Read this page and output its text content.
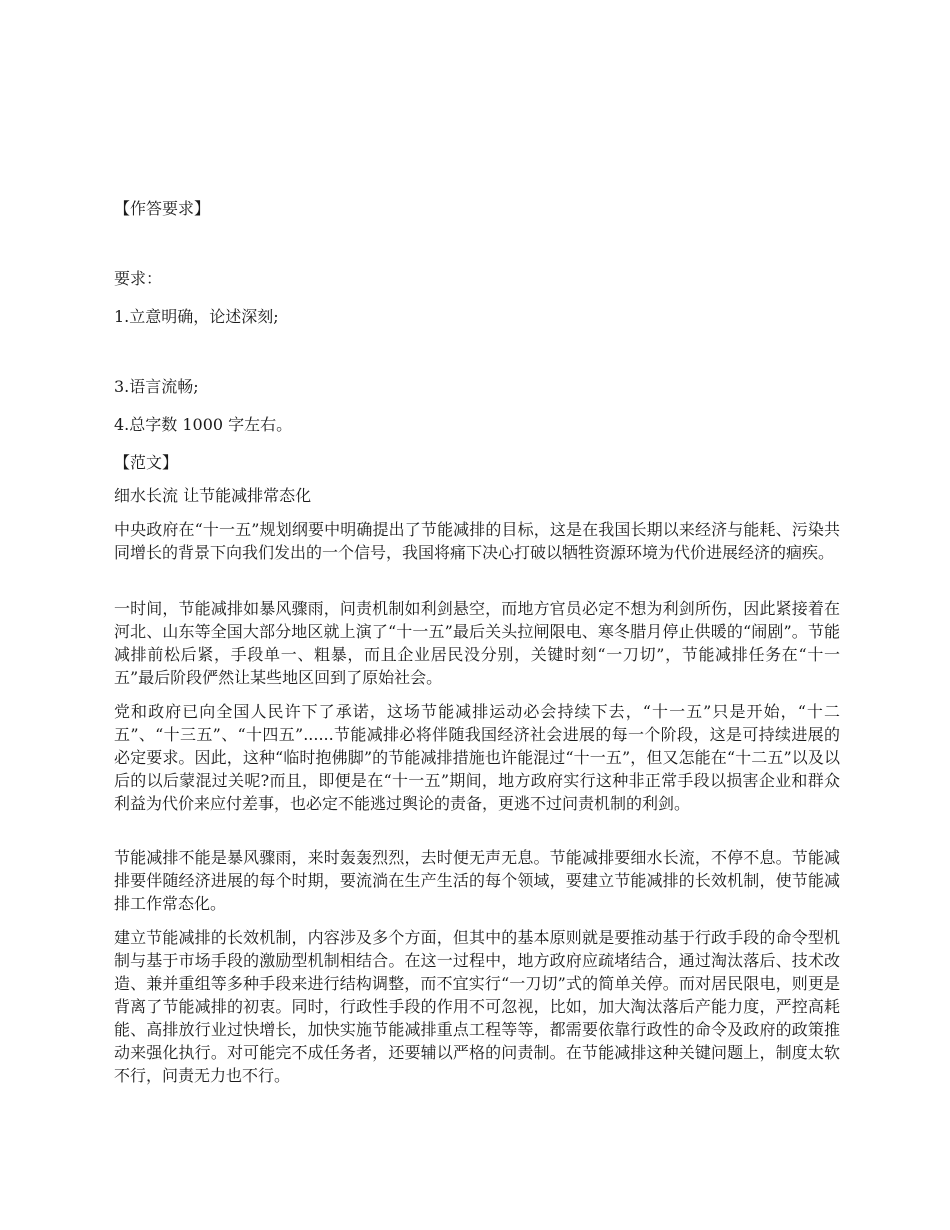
【作答要求】

要求：

1.立意明确，论述深刻;

3.语言流畅;

4.总字数 1000 字左右。

【范文】

细水长流 让节能减排常态化

中央政府在“十一五”规划纲要中明确提出了节能减排的目标，这是在我国长期以来经济与能耗、污染共同增长的背景下向我们发出的一个信号，我国将痛下决心打破以牺牲资源环境为代价进展经济的痼疾。

一时间，节能减排如暴风骤雨，问责机制如利剑悬空，而地方官员必定不想为利剑所伤，因此紧接着在河北、山东等全国大部分地区就上演了“十一五”最后关头拉闸限电、寒冬腊月停止供暖的“闹剧”。节能减排前松后紧，手段单一、粗暴，而且企业居民没分别，关键时刻“一刀切”，节能减排任务在“十一五”最后阶段俨然让某些地区回到了原始社会。

党和政府已向全国人民许下了承诺，这场节能减排运动必会持续下去，“十一五”只是开始，“十二五”、“十三五”、“十四五”......节能减排必将伴随我国经济社会进展的每一个阶段，这是可持续进展的必定要求。因此，这种“临时抱佛脚”的节能减排措施也许能混过“十一五”，但又怎能在“十二五”以及以后的以后蒙混过关呢?而且，即便是在“十一五”期间，地方政府实行这种非正常手段以损害企业和群众利益为代价来应付差事，也必定不能逃过舆论的责备，更逃不过问责机制的利剑。

节能减排不能是暴风骤雨，来时轰轰烈烈，去时便无声无息。节能减排要细水长流，不停不息。节能减排要伴随经济进展的每个时期，要流淌在生产生活的每个领域，要建立节能减排的长效机制，使节能减排工作常态化。

建立节能减排的长效机制，内容涉及多个方面，但其中的基本原则就是要推动基于行政手段的命令型机制与基于市场手段的激励型机制相结合。在这一过程中，地方政府应疏堵结合，通过淘汰落后、技术改造、兼并重组等多种手段来进行结构调整，而不宜实行“一刀切”式的简单关停。而对居民限电，则更是背离了节能减排的初衷。同时，行政性手段的作用不可忽视，比如，加大淘汰落后产能力度，严控高耗能、高排放行业过快增长，加快实施节能减排重点工程等等，都需要依靠行政性的命令及政府的政策推动来强化执行。对可能完不成任务者，还要辅以严格的问责制。在节能减排这种关键问题上，制度太软不行，问责无力也不行。
